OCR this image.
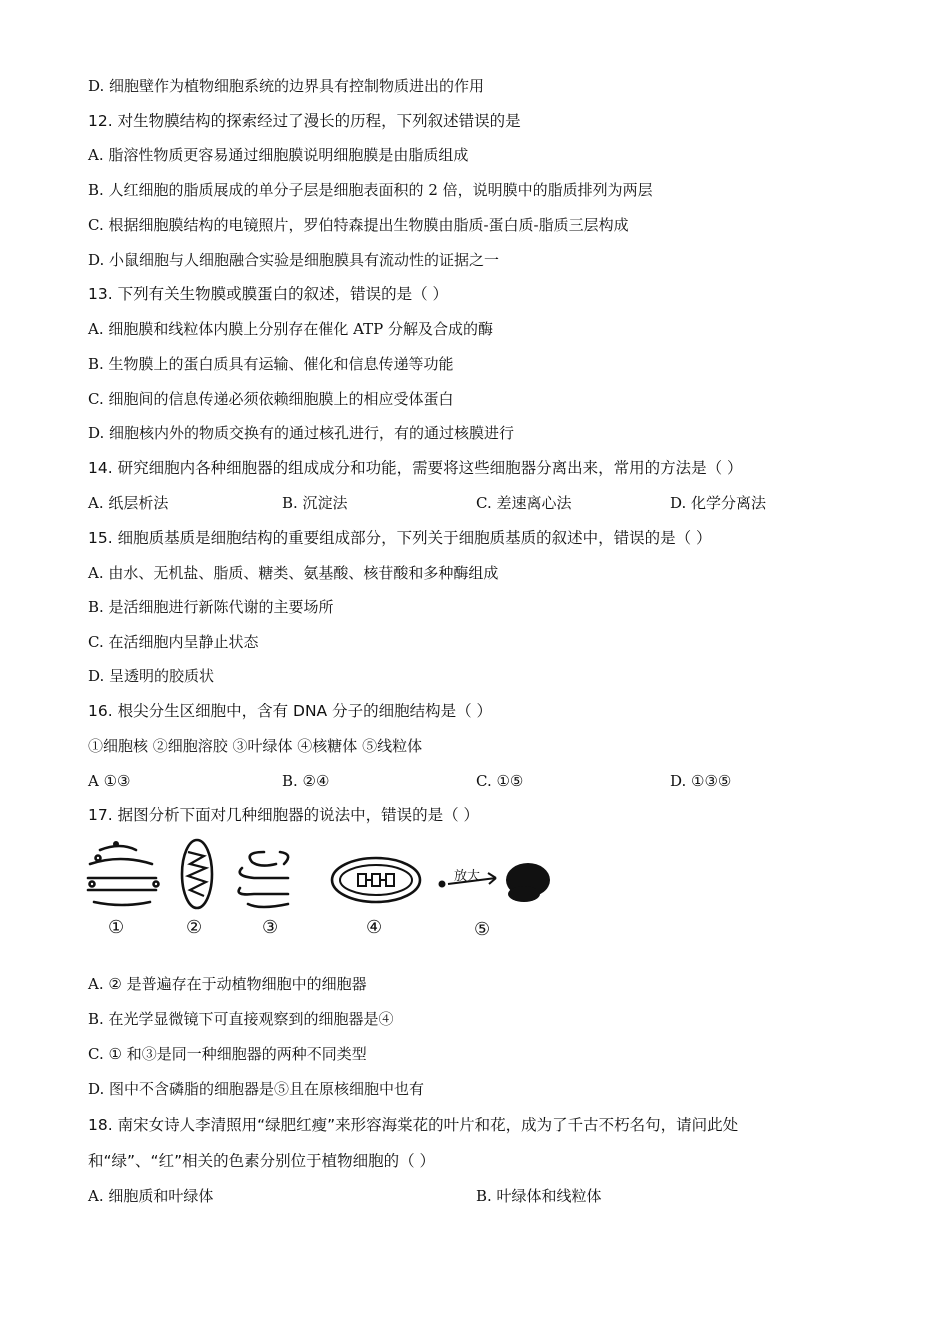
D. 细胞壁作为植物细胞系统的边界具有控制物质进出的作用
12. 对生物膜结构的探索经过了漫长的历程，下列叙述错误的是
A. 脂溶性物质更容易通过细胞膜说明细胞膜是由脂质组成
B. 人红细胞的脂质展成的单分子层是细胞表面积的 2 倍，说明膜中的脂质排列为两层
C. 根据细胞膜结构的电镜照片，罗伯特森提出生物膜由脂质-蛋白质-脂质三层构成
D. 小鼠细胞与人细胞融合实验是细胞膜具有流动性的证据之一
13. 下列有关生物膜或膜蛋白的叙述，错误的是（ ）
A. 细胞膜和线粒体内膜上分别存在催化 ATP 分解及合成的酶
B. 生物膜上的蛋白质具有运输、催化和信息传递等功能
C. 细胞间的信息传递必须依赖细胞膜上的相应受体蛋白
D. 细胞核内外的物质交换有的通过核孔进行，有的通过核膜进行
14. 研究细胞内各种细胞器的组成成分和功能，需要将这些细胞器分离出来，常用的方法是（ ）
A. 纸层析法	B. 沉淀法	C. 差速离心法	D. 化学分离法
15. 细胞质基质是细胞结构的重要组成部分，下列关于细胞质基质的叙述中，错误的是（ ）
A. 由水、无机盐、脂质、糖类、氨基酸、核苷酸和多种酶组成
B. 是活细胞进行新陈代谢的主要场所
C. 在活细胞内呈静止状态
D. 呈透明的胶质状
16. 根尖分生区细胞中，含有 DNA 分子的细胞结构是（ ）
①细胞核 ②细胞溶胶 ③叶绿体 ④核糖体 ⑤线粒体
A ①③	B. ②④	C. ①⑤	D. ①③⑤
17. 据图分析下面对几种细胞器的说法中，错误的是（ ）
放大
①	②	③	④	⑤
A. ② 是普遍存在于动植物细胞中的细胞器
B. 在光学显微镜下可直接观察到的细胞器是④
C. ① 和③是同一种细胞器的两种不同类型
D. 图中不含磷脂的细胞器是⑤且在原核细胞中也有
18. 南宋女诗人李清照用“绿肥红瘦”来形容海棠花的叶片和花，成为了千古不朽名句，请问此处
和“绿”、“红”相关的色素分别位于植物细胞的（ ）
A. 细胞质和叶绿体	B. 叶绿体和线粒体
